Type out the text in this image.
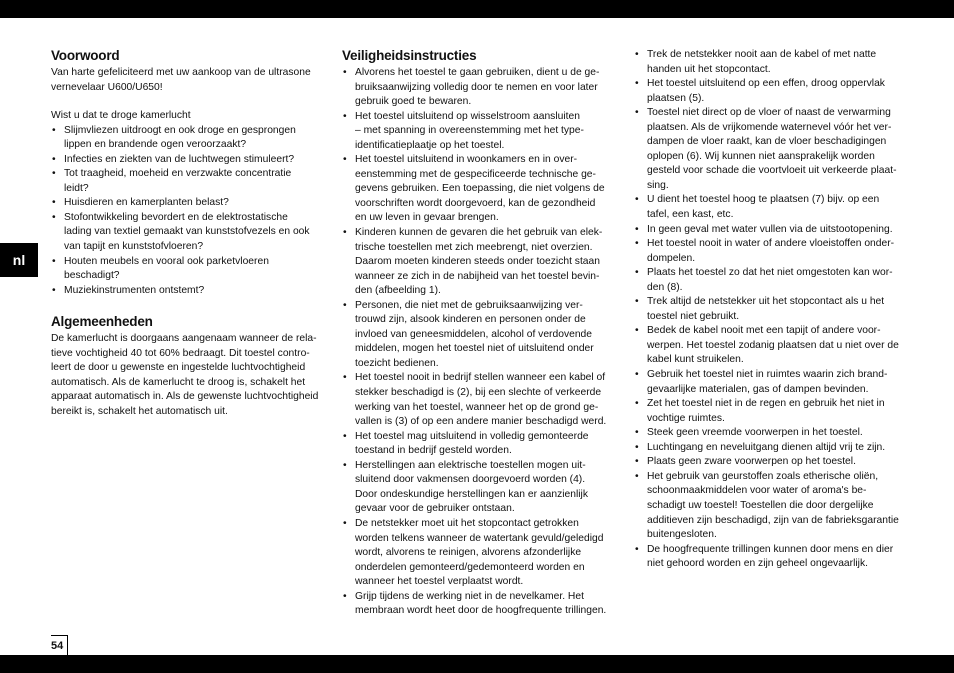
nl
Voorwoord
Van harte gefeliciteerd met uw aankoop van de ultrasone
vernevelaar U600/U650!

Wist u dat te droge kamerlucht

• Slijmvliezen uitdroogt en ook droge en gesprongen
lippen en brandende ogen veroorzaakt?
• Infecties en ziekten van de luchtwegen stimuleert?
• Tot traagheid, moeheid en verzwakte concentratie
leidt?
• Huisdieren en kamerplanten belast?
• Stofontwikkeling bevordert en de elektrostatische
lading van textiel gemaakt van kunststofvezels en ook
van tapijt en kunststofvloeren?
• Houten meubels en vooral ook parketvloeren
beschadigt?
• Muziekinstrumenten ontstemt?
Algemeenheden
De kamerlucht is doorgaans aangenaam wanneer de rela-
tieve vochtigheid 40 tot 60% bedraagt. Dit toestel contro-
leert de door u gewenste en ingestelde luchtvochtigheid
automatisch. Als de kamerlucht te droog is, schakelt het
apparaat automatisch in. Als de gewenste luchtvochtigheid
bereikt is, schakelt het automatisch uit.
Veiligheidsinstructies
• Alvorens het toestel te gaan gebruiken, dient u de ge-
bruiksaanwijzing volledig door te nemen en voor later
gebruik goed te bewaren.
• Het toestel uitsluitend op wisselstroom aansluiten
– met spanning in overeenstemming met het type-
identificatieplaatje op het toestel.
• Het toestel uitsluitend in woonkamers en in over-
eenstemming met de gespecificeerde technische ge-
gevens gebruiken. Een toepassing, die niet volgens de
voorschriften wordt doorgevoerd, kan de gezondheid
en uw leven in gevaar brengen.
• Kinderen kunnen de gevaren die het gebruik van elek-
trische toestellen met zich meebrengt, niet overzien.
Daarom moeten kinderen steeds onder toezicht staan
wanneer ze zich in de nabijheid van het toestel bevin-
den (afbeelding 1).
• Personen, die niet met de gebruiksaanwijzing ver-
trouwd zijn, alsook kinderen en personen onder de
invloed van geneesmiddelen, alcohol of verdovende
middelen, mogen het toestel niet of uitsluitend onder
toezicht bedienen.
• Het toestel nooit in bedrijf stellen wanneer een kabel of
stekker beschadigd is (2), bij een slechte of verkeerde
werking van het toestel, wanneer het op de grond ge-
vallen is (3) of op een andere manier beschadigd werd.
• Het toestel mag uitsluitend in volledig gemonteerde
toestand in bedrijf gesteld worden.
• Herstellingen aan elektrische toestellen mogen uit-
sluitend door vakmensen doorgevoerd worden (4).
Door ondeskundige herstellingen kan er aanzienlijk
gevaar voor de gebruiker ontstaan.
• De netstekker moet uit het stopcontact getrokken
worden telkens wanneer de watertank gevuld/geledigd
wordt, alvorens te reinigen, alvorens afzonderlijke
onderdelen gemonteerd/gedemonteerd worden en
wanneer het toestel verplaatst wordt.
• Grijp tijdens de werking niet in de nevelkamer. Het
membraan wordt heet door de hoogfrequente trillingen.
• Trek de netstekker nooit aan de kabel of met natte
handen uit het stopcontact.
• Het toestel uitsluitend op een effen, droog oppervlak
plaatsen (5).
• Toestel niet direct op de vloer of naast de verwarming
plaatsen. Als de vrijkomende waternevel vóór het ver-
dampen de vloer raakt, kan de vloer beschadigingen
oplopen (6). Wij kunnen niet aansprakelijk worden
gesteld voor schade die voortvloeit uit verkeerde plaat-
sing.
• U dient het toestel hoog te plaatsen (7) bijv. op een
tafel, een kast, etc.
• In geen geval met water vullen via de uitstootopening.
• Het toestel nooit in water of andere vloeistoffen onder-
dompelen.
• Plaats het toestel zo dat het niet omgestoten kan wor-
den (8).
• Trek altijd de netstekker uit het stopcontact als u het
toestel niet gebruikt.
• Bedek de kabel nooit met een tapijt of andere voor-
werpen. Het toestel zodanig plaatsen dat u niet over de
kabel kunt struikelen.
• Gebruik het toestel niet in ruimtes waarin zich brand-
gevaarlijke materialen, gas of dampen bevinden.
• Zet het toestel niet in de regen en gebruik het niet in
vochtige ruimtes.
• Steek geen vreemde voorwerpen in het toestel.
• Luchtingang en neveluitgang dienen altijd vrij te zijn.
• Plaats geen zware voorwerpen op het toestel.
• Het gebruik van geurstoffen zoals etherische oliën,
schoonmaakmiddelen voor water of aroma's be-
schadigt uw toestel! Toestellen die door dergelijke
additieven zijn beschadigd, zijn van de fabrieksgarantie
buitengesloten.
• De hoogfrequente trillingen kunnen door mens en dier
niet gehoord worden en zijn geheel ongevaarlijk.
54
